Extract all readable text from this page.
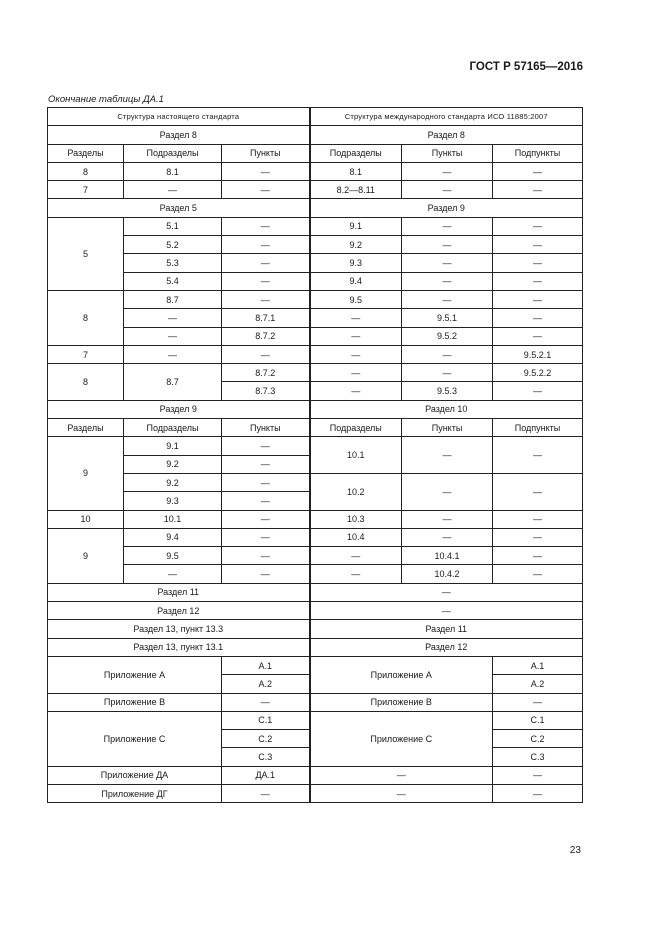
ГОСТ Р 57165—2016
Окончание таблицы ДА.1
Структура настоящего стандарта			Структура международного стандарта ИСО 11885:2007		
Раздел 8			Раздел 8		
Разделы	Подразделы	Пункты	Подразделы	Пункты	Подпункты
8	8.1	—	8.1	—	—
7	—	—	8.2—8.11	—	—
Раздел 5			Раздел 9		
5	5.1	—	9.1	—	—
	5.2	—	9.2	—	—
	5.3	—	9.3	—	—
	5.4	—	9.4	—	—
8	8.7	—	9.5	—	—
	—	8.7.1	—	9.5.1	—
	—	8.7.2	—	9.5.2	—
7	—	—	—	—	9.5.2.1
8	8.7	8.7.2	—	—	9.5.2.2
		8.7.3	—	9.5.3	—
Раздел 9			Раздел 10		
Разделы	Подразделы	Пункты	Подразделы	Пункты	Подпункты
9	9.1	—	10.1	—	—
	9.2	—			
	9.2	—	10.2	—	—
	9.3	—			
10	10.1	—	10.3	—	—
9	9.4	—	10.4	—	—
	9.5	—	—	10.4.1	—
	—	—	—	10.4.2	—
Раздел 11			—		
Раздел 12			—		
Раздел 13, пункт 13.3			Раздел 11		
Раздел 13, пункт 13.1			Раздел 12		
Приложение А		А.1	Приложение А		А.1
		А.2			А.2
Приложение В		—	Приложение В		—
Приложение С		С.1	Приложение С		С.1
		С.2			С.2
		С.3			С.3
Приложение ДА		ДА.1	—		—
Приложение ДГ		—	—		—
23
